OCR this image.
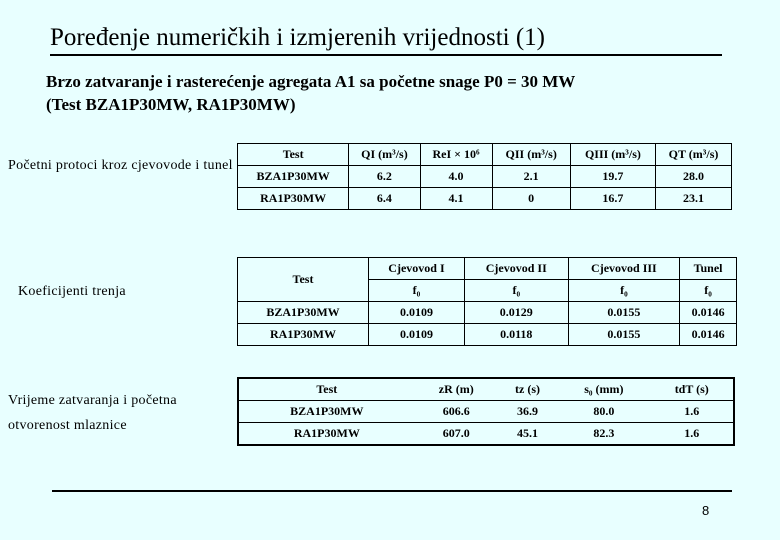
Poređenje numeričkih i izmjerenih vrijednosti (1)
Brzo zatvaranje i rasterećenje agregata A1 sa početne snage P0 = 30 MW
(Test BZA1P30MW, RA1P30MW)
Početni protoci kroz cjevovode i tunel
Koeficijenti trenja
Vrijeme zatvaranja i početna otvorenost mlaznice
Test	QI (m³/s)	ReI × 10⁶	QII (m³/s)	QIII (m³/s)	QT (m³/s)
BZA1P30MW	6.2	4.0	2.1	19.7	28.0
RA1P30MW	6.4	4.1	0	16.7	23.1
Test	Cjevovod I	Cjevovod II	Cjevovod III	Tunel
	f₀	f₀	f₀	f₀
BZA1P30MW	0.0109	0.0129	0.0155	0.0146
RA1P30MW	0.0109	0.0118	0.0155	0.0146
Test	zR (m)	tz (s)	s₀ (mm)	tdT (s)
BZA1P30MW	606.6	36.9	80.0	1.6
RA1P30MW	607.0	45.1	82.3	1.6
8
